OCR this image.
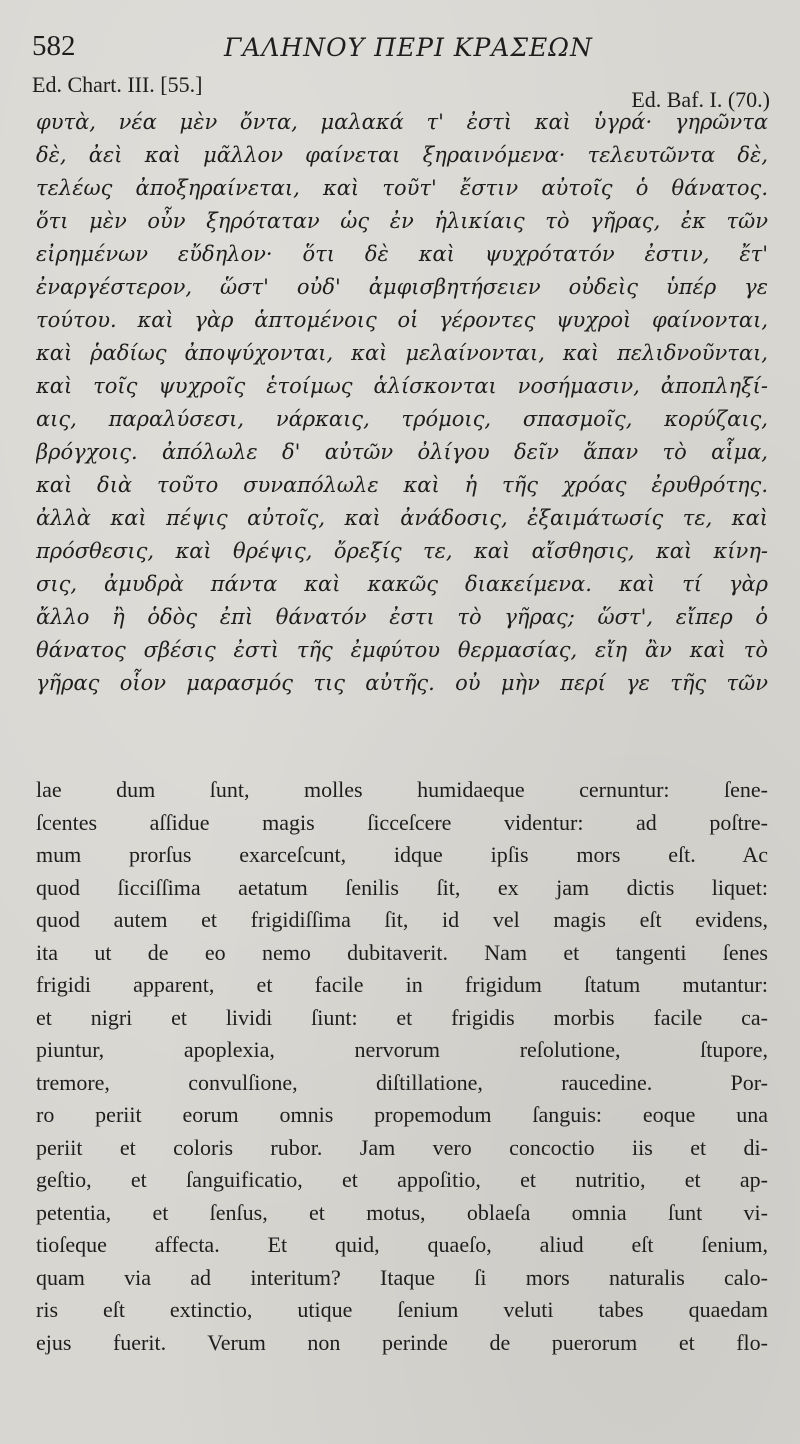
582	ΓΑΛΗΝΟΥ ΠΕΡΙ ΚΡΑΣΕΩΝ
Ed. Chart. III. [55.]
Ed. Baf. I. (70.)
φυτὰ, νέα μὲν ὄντα, μαλακά τ' ἐστὶ καὶ ὑγρά· γηρῶντα
δὲ, ἀεὶ καὶ μᾶλλον φαίνεται ξηραινόμενα· τελευτῶντα δὲ,
τελέως ἀποξηραίνεται, καὶ τοῦτ' ἔστιν αὐτοῖς ὁ θάνατος.
ὅτι μὲν οὖν ξηρόταταν ὡς ἐν ἡλικίαις τὸ γῆρας, ἐκ τῶν
εἰρημένων εὔδηλον· ὅτι δὲ καὶ ψυχρότατόν ἐστιν, ἔτ'
ἐναργέστερον, ὥστ' οὐδ' ἀμφισβητήσειεν οὐδεὶς ὑπέρ γε
τούτου. καὶ γὰρ ἁπτομένοις οἱ γέροντες ψυχροὶ φαίνονται,
καὶ ῥαδίως ἀποψύχονται, καὶ μελαίνονται, καὶ πελιδνοῦνται,
καὶ τοῖς ψυχροῖς ἑτοίμως ἁλίσκονται νοσήμασιν, ἀποπληξί-
αις, παραλύσεσι, νάρκαις, τρόμοις, σπασμοῖς, κορύζαις,
βρόγχοις. ἀπόλωλε δ' αὐτῶν ὀλίγου δεῖν ἅπαν τὸ αἷμα,
καὶ διὰ τοῦτο συναπόλωλε καὶ ἡ τῆς χρόας ἐρυθρότης.
ἀλλὰ καὶ πέψις αὐτοῖς, καὶ ἀνάδοσις, ἐξαιμάτωσίς τε, καὶ
πρόσθεσις, καὶ θρέψις, ὄρεξίς τε, καὶ αἴσθησις, καὶ κίνη-
σις, ἀμυδρὰ πάντα καὶ κακῶς διακείμενα. καὶ τί γὰρ
ἄλλο ἢ ὁδὸς ἐπὶ θάνατόν ἐστι τὸ γῆρας; ὥστ', εἴπερ ὁ
θάνατος σβέσις ἐστὶ τῆς ἐμφύτου θερμασίας, εἴη ἂν καὶ τὸ
γῆρας οἷον μαρασμός τις αὐτῆς. οὐ μὴν περί γε τῆς τῶν
lae dum ſunt, molles humidaeque cernuntur: ſene-
ſcentes aſſidue magis ſicceſcere videntur: ad poſtre-
mum prorſus exarceſcunt, idque ipſis mors eſt. Ac
quod ſicciſſima aetatum ſenilis ſit, ex jam dictis liquet:
quod autem et frigidiſſima ſit, id vel magis eſt evidens,
ita ut de eo nemo dubitaverit. Nam et tangenti ſenes
frigidi apparent, et facile in frigidum ſtatum mutantur:
et nigri et lividi ſiunt: et frigidis morbis facile ca-
piuntur, apoplexia, nervorum reſolutione, ſtupore,
tremore, convulſione, diſtillatione, raucedine. Por-
ro periit eorum omnis propemodum ſanguis: eoque una
periit et coloris rubor. Jam vero concoctio iis et di-
geſtio, et ſanguificatio, et appoſitio, et nutritio, et ap-
petentia, et ſenſus, et motus, oblaeſa omnia ſunt vi-
tioſeque affecta. Et quid, quaeſo, aliud eſt ſenium,
quam via ad interitum? Itaque ſi mors naturalis calo-
ris eſt extinctio, utique ſenium veluti tabes quaedam
ejus fuerit. Verum non perinde de puerorum et flo-
